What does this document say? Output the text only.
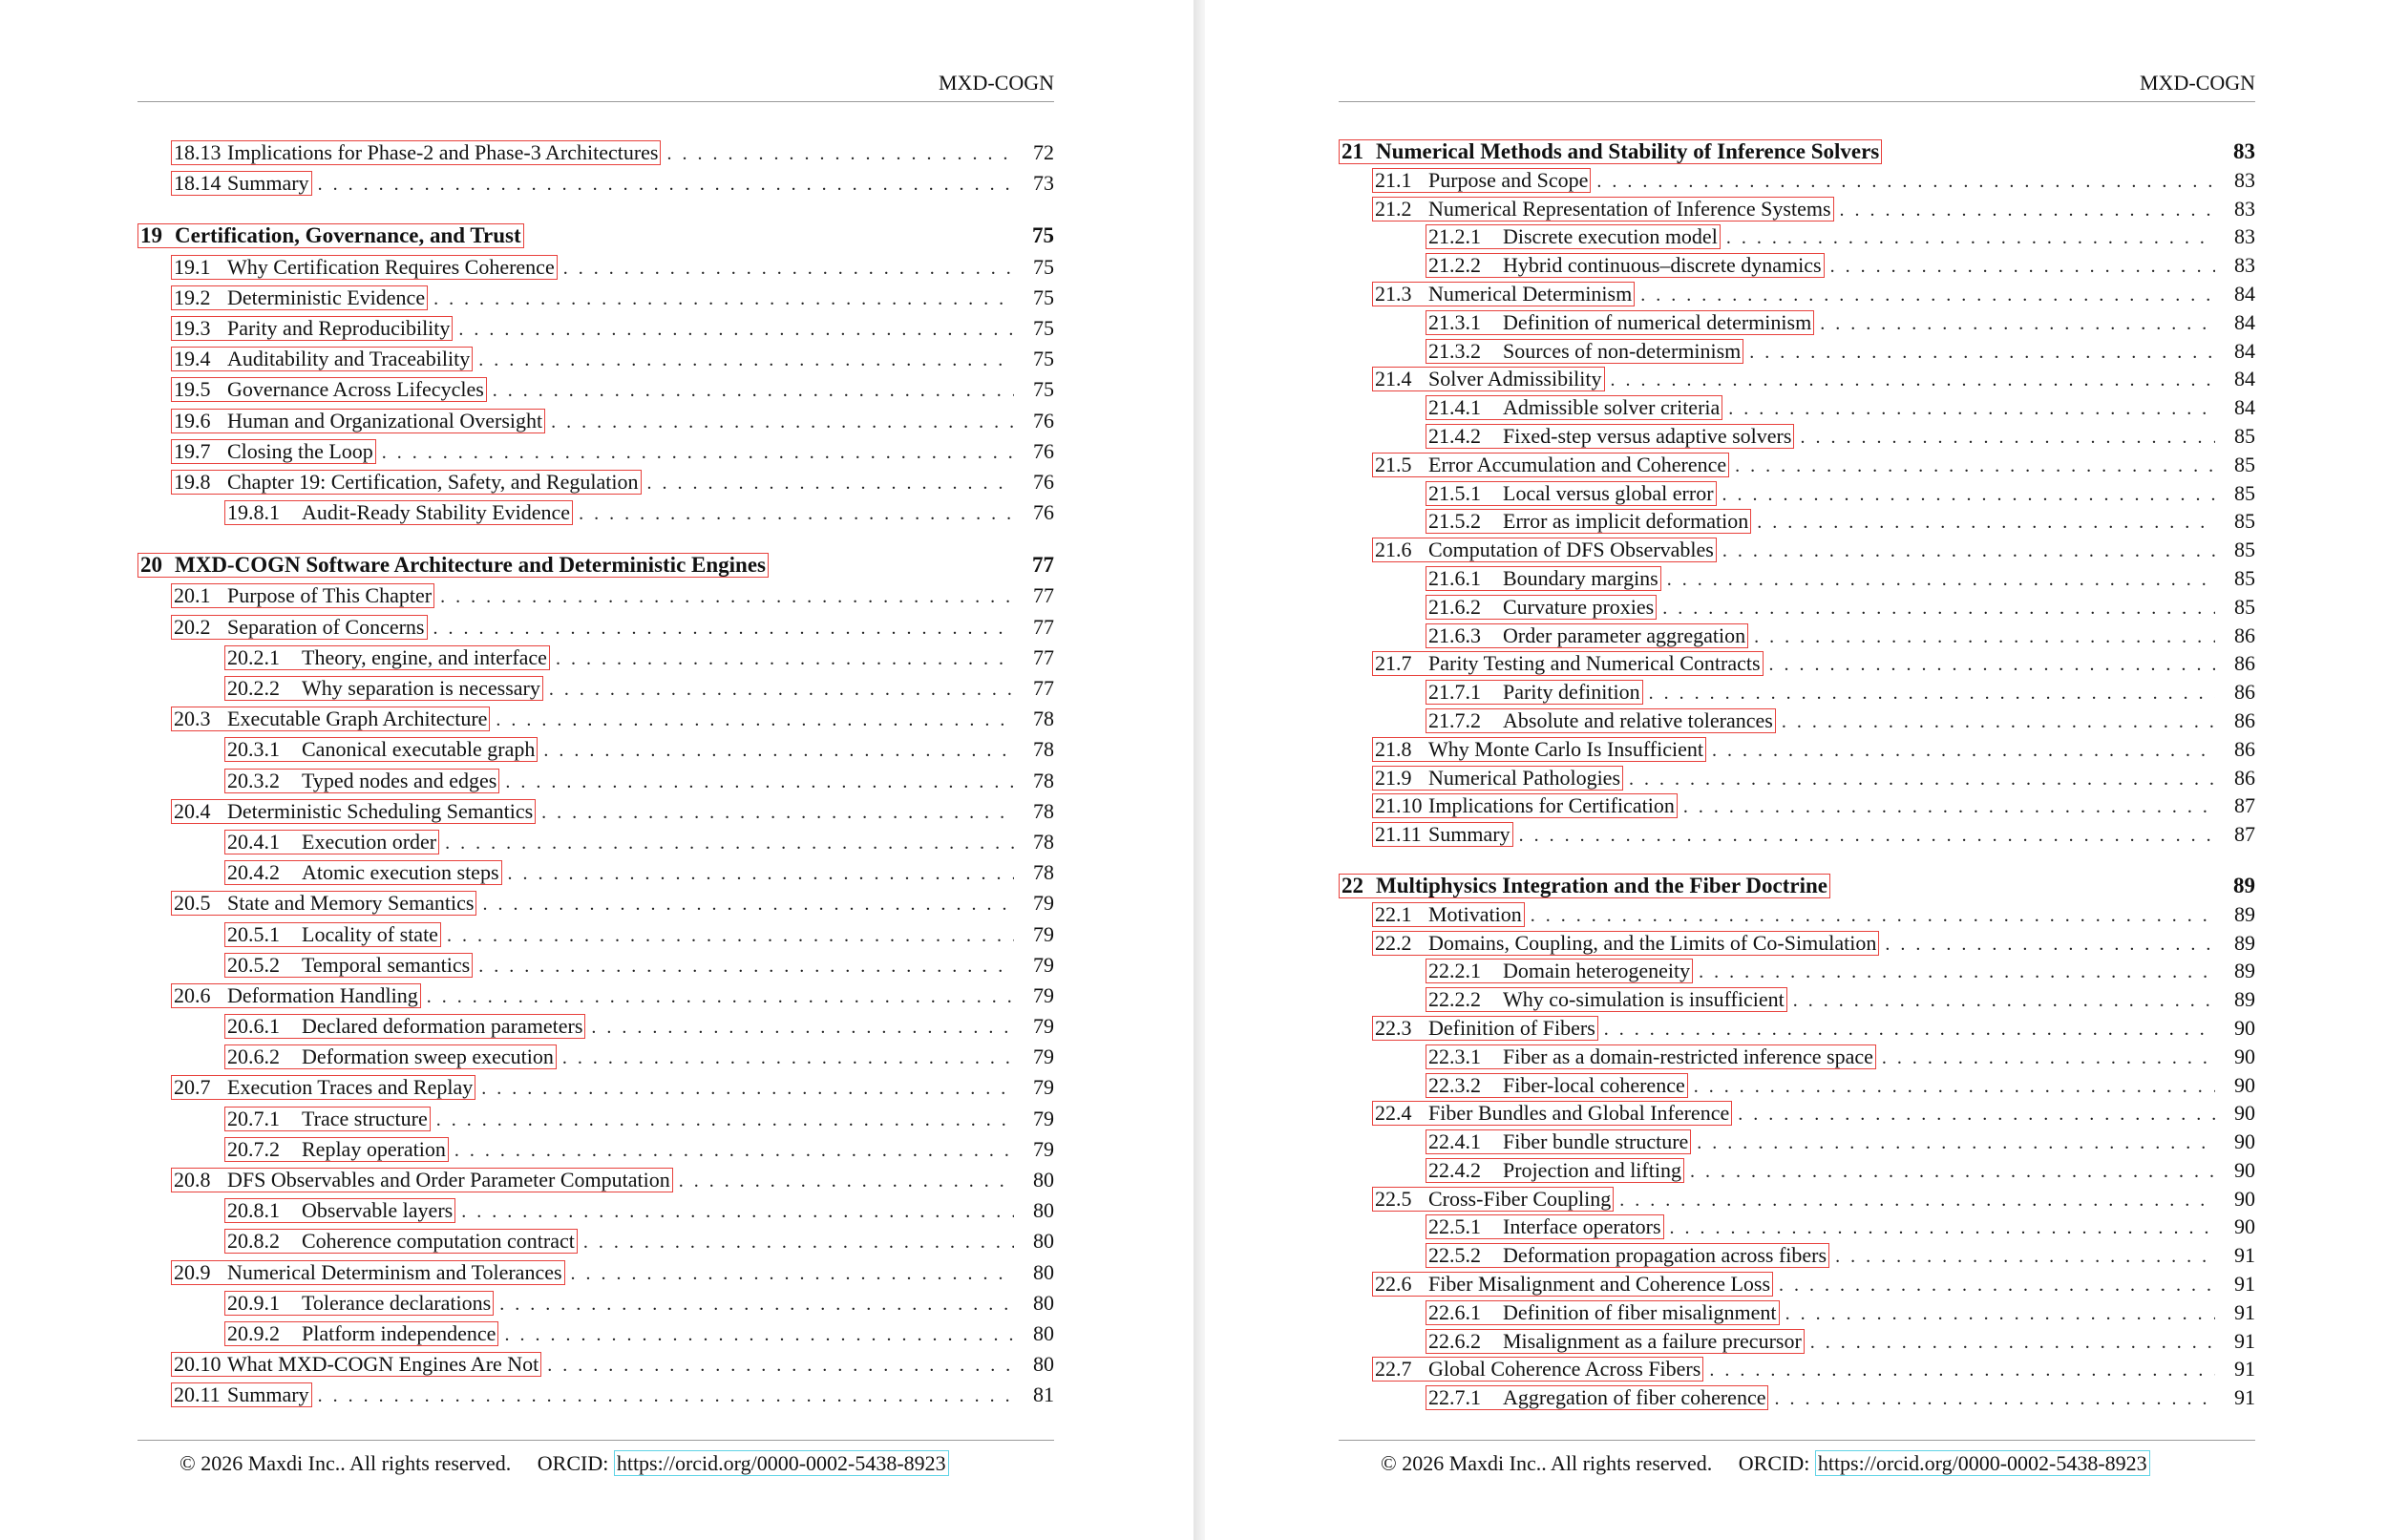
MXD-COGN
18.13 Implications for Phase-2 and Phase-3 Architectures . . .	72
18.14 Summary . . .	73
19 Certification, Governance, and Trust	75
19.1 Why Certification Requires Coherence . . .	75
19.2 Deterministic Evidence . . .	75
19.3 Parity and Reproducibility . . .	75
19.4 Auditability and Traceability . . .	75
19.5 Governance Across Lifecycles . . .	75
19.6 Human and Organizational Oversight . . .	76
19.7 Closing the Loop . . .	76
19.8 Chapter 19: Certification, Safety, and Regulation . . .	76
19.8.1	Audit-Ready Stability Evidence . . .	76
20 MXD-COGN Software Architecture and Deterministic Engines	77
20.1 Purpose of This Chapter . . .	77
20.2 Separation of Concerns . . .	77
20.2.1	Theory, engine, and interface . . .	77
20.2.2	Why separation is necessary . . .	77
20.3 Executable Graph Architecture . . .	78
20.3.1	Canonical executable graph . . .	78
20.3.2	Typed nodes and edges . . .	78
20.4 Deterministic Scheduling Semantics . . .	78
20.4.1	Execution order . . .	78
20.4.2	Atomic execution steps . . .	78
20.5 State and Memory Semantics . . .	79
20.5.1	Locality of state . . .	79
20.5.2	Temporal semantics . . .	79
20.6 Deformation Handling . . .	79
20.6.1	Declared deformation parameters . . .	79
20.6.2	Deformation sweep execution . . .	79
20.7 Execution Traces and Replay . . .	79
20.7.1	Trace structure . . .	79
20.7.2	Replay operation . . .	79
20.8 DFS Observables and Order Parameter Computation . . .	80
20.8.1	Observable layers . . .	80
20.8.2	Coherence computation contract . . .	80
20.9 Numerical Determinism and Tolerances . . .	80
20.9.1	Tolerance declarations . . .	80
20.9.2	Platform independence . . .	80
20.10 What MXD-COGN Engines Are Not . . .	80
20.11 Summary . . .	81
© 2026 Maxdi Inc.. All rights reserved. ORCID: https://orcid.org/0000-0002-5438-8923
MXD-COGN
21 Numerical Methods and Stability of Inference Solvers	83
21.1 Purpose and Scope . . .	83
21.2 Numerical Representation of Inference Systems . . .	83
21.2.1	Discrete execution model . . .	83
21.2.2	Hybrid continuous–discrete dynamics . . .	83
21.3 Numerical Determinism . . .	84
21.3.1	Definition of numerical determinism . . .	84
21.3.2	Sources of non-determinism . . .	84
21.4 Solver Admissibility . . .	84
21.4.1	Admissible solver criteria . . .	84
21.4.2	Fixed-step versus adaptive solvers . . .	85
21.5 Error Accumulation and Coherence . . .	85
21.5.1	Local versus global error . . .	85
21.5.2	Error as implicit deformation . . .	85
21.6 Computation of DFS Observables . . .	85
21.6.1	Boundary margins . . .	85
21.6.2	Curvature proxies . . .	85
21.6.3	Order parameter aggregation . . .	86
21.7 Parity Testing and Numerical Contracts . . .	86
21.7.1	Parity definition . . .	86
21.7.2	Absolute and relative tolerances . . .	86
21.8 Why Monte Carlo Is Insufficient . . .	86
21.9 Numerical Pathologies . . .	86
21.10 Implications for Certification . . .	87
21.11 Summary . . .	87
22 Multiphysics Integration and the Fiber Doctrine	89
22.1 Motivation . . .	89
22.2 Domains, Coupling, and the Limits of Co-Simulation . . .	89
22.2.1	Domain heterogeneity . . .	89
22.2.2	Why co-simulation is insufficient . . .	89
22.3 Definition of Fibers . . .	90
22.3.1	Fiber as a domain-restricted inference space . . .	90
22.3.2	Fiber-local coherence . . .	90
22.4 Fiber Bundles and Global Inference . . .	90
22.4.1	Fiber bundle structure . . .	90
22.4.2	Projection and lifting . . .	90
22.5 Cross-Fiber Coupling . . .	90
22.5.1	Interface operators . . .	90
22.5.2	Deformation propagation across fibers . . .	91
22.6 Fiber Misalignment and Coherence Loss . . .	91
22.6.1	Definition of fiber misalignment . . .	91
22.6.2	Misalignment as a failure precursor . . .	91
22.7 Global Coherence Across Fibers . . .	91
22.7.1	Aggregation of fiber coherence . . .	91
© 2026 Maxdi Inc.. All rights reserved. ORCID: https://orcid.org/0000-0002-5438-8923
